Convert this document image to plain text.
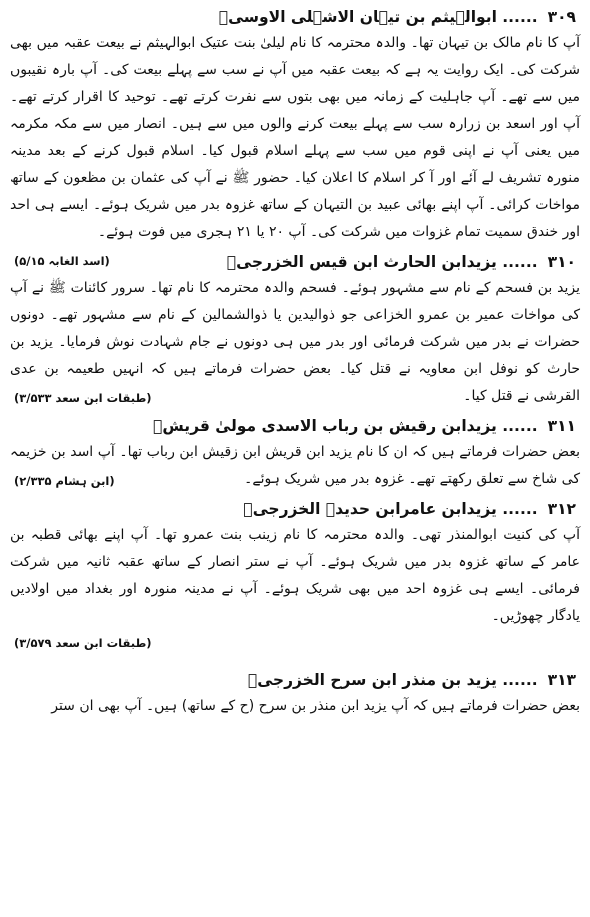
٣٠٩
...... ابوالہیثم بن تیہان الاشہلی الاوسیؓ

آپ کا نام مالک بن تیہان تھا۔ والدہ محترمہ کا نام لیلیٰ بنت عتیک ابوالہیثم نے بیعت عقبہ میں بھی شرکت کی۔ ایک روایت یہ ہے کہ بیعت عقبہ میں آپ نے سب سے پہلے بیعت کی۔ آپ بارہ نقیبوں میں سے تھے۔ آپ جاہلیت کے زمانہ میں بھی بتوں سے نفرت کرتے تھے۔ توحید کا اقرار کرتے تھے۔ آپ اور اسعد بن زرارہ سب سے پہلے بیعت کرنے والوں میں سے ہیں۔ انصار میں سے مکہ مکرمہ میں یعنی آپ نے اپنی قوم میں سب سے پہلے اسلام قبول کیا۔ اسلام قبول کرنے کے بعد مدینہ منورہ تشریف لے آئے اور آ کر اسلام کا اعلان کیا۔ حضور ﷺ نے آپ کی عثمان بن مظعون کے ساتھ مواخات کرائی۔ آپ اپنے بھائی عبید بن التیہان کے ساتھ غزوہ بدر میں شریک ہوئے۔ ایسے ہی احد اور خندق سمیت تمام غزوات میں شرکت کی۔ آپ ٢٠ یا ٢١ ہجری میں فوت ہوئے۔
(اسد الغابہ ۵/١۵)	٣١٠
...... یزیدابن الحارث ابن قیس الخزرجیؓ

یزید بن فسحم کے نام سے مشہور ہوئے۔ فسحم والدہ محترمہ کا نام تھا۔ سرور کائنات ﷺ نے آپ کی مواخات عمیر بن عمرو الخزاعی جو ذوالیدین یا ذوالشمالین کے نام سے مشہور تھے۔ دونوں حضرات نے بدر میں شرکت فرمائی اور بدر میں ہی دونوں نے جام شہادت نوش فرمایا۔ یزید بن حارث کو نوفل ابن معاویہ نے قتل کیا۔ بعض حضرات فرماتے ہیں کہ انہیں طعیمہ بن عدی القرشی نے قتل کیا۔
(طبقات ابن سعد ٣/۵٣٣)

٣١١
...... یزیدابن رقیش بن رباب الاسدی مولیٰ قریشؓ

بعض حضرات فرماتے ہیں کہ ان کا نام یزید ابن قریش ابن زقیش ابن رباب تھا۔ آپ اسد بن خزیمہ کی شاخ سے تعلق رکھتے تھے۔ غزوہ بدر میں شریک ہوئے۔
(ابن ہشام ٢/٣٣۵)

٣١٢
...... یزیدابن عامرابن حدیدہ الخزرجیؓ

آپ کی کنیت ابوالمنذر تھی۔ والدہ محترمہ کا نام زینب بنت عمرو تھا۔ آپ اپنے بھائی قطبہ بن عامر کے ساتھ غزوہ بدر میں شریک ہوئے۔ آپ نے ستر انصار کے ساتھ عقبہ ثانیہ میں شرکت فرمائی۔ ایسے ہی غزوہ احد میں بھی شریک ہوئے۔ آپ نے مدینہ منورہ اور بغداد میں اولادیں یادگار چھوڑیں۔

(طبقات ابن سعد ٣/۵٧٩)
٣١٣
...... یزید بن منذر ابن سرح الخزرجیؓ

بعض حضرات فرماتے ہیں کہ آپ یزید ابن منذر بن سرح (ح کے ساتھ) ہیں۔ آپ بھی ان ستر
